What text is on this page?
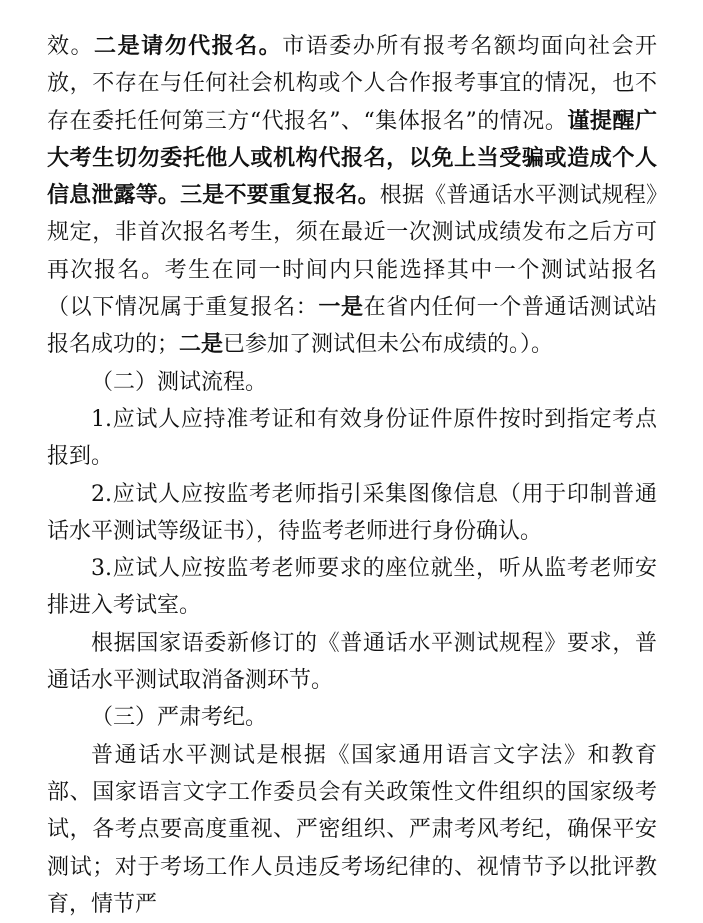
效。二是请勿代报名。市语委办所有报考名额均面向社会开放，不存在与任何社会机构或个人合作报考事宜的情况，也不存在委托任何第三方“代报名”、“集体报名”的情况。谨提醒广大考生切勿委托他人或机构代报名，以免上当受骗或造成个人信息泄露等。三是不要重复报名。根据《普通话水平测试规程》规定，非首次报名考生，须在最近一次测试成绩发布之后方可再次报名。考生在同一时间内只能选择其中一个测试站报名（以下情况属于重复报名：一是在省内任何一个普通话测试站报名成功的；二是已参加了测试但未公布成绩的。）。

（二）测试流程。

1.应试人应持准考证和有效身份证件原件按时到指定考点报到。

2.应试人应按监考老师指引采集图像信息（用于印制普通话水平测试等级证书），待监考老师进行身份确认。

3.应试人应按监考老师要求的座位就坐，听从监考老师安排进入考试室。

根据国家语委新修订的《普通话水平测试规程》要求，普通话水平测试取消备测环节。

（三）严肃考纪。

普通话水平测试是根据《国家通用语言文字法》和教育部、国家语言文字工作委员会有关政策性文件组织的国家级考试，各考点要高度重视、严密组织、严肃考风考纪，确保平安测试；对于考场工作人员违反考场纪律的、视情节予以批评教育，情节严
